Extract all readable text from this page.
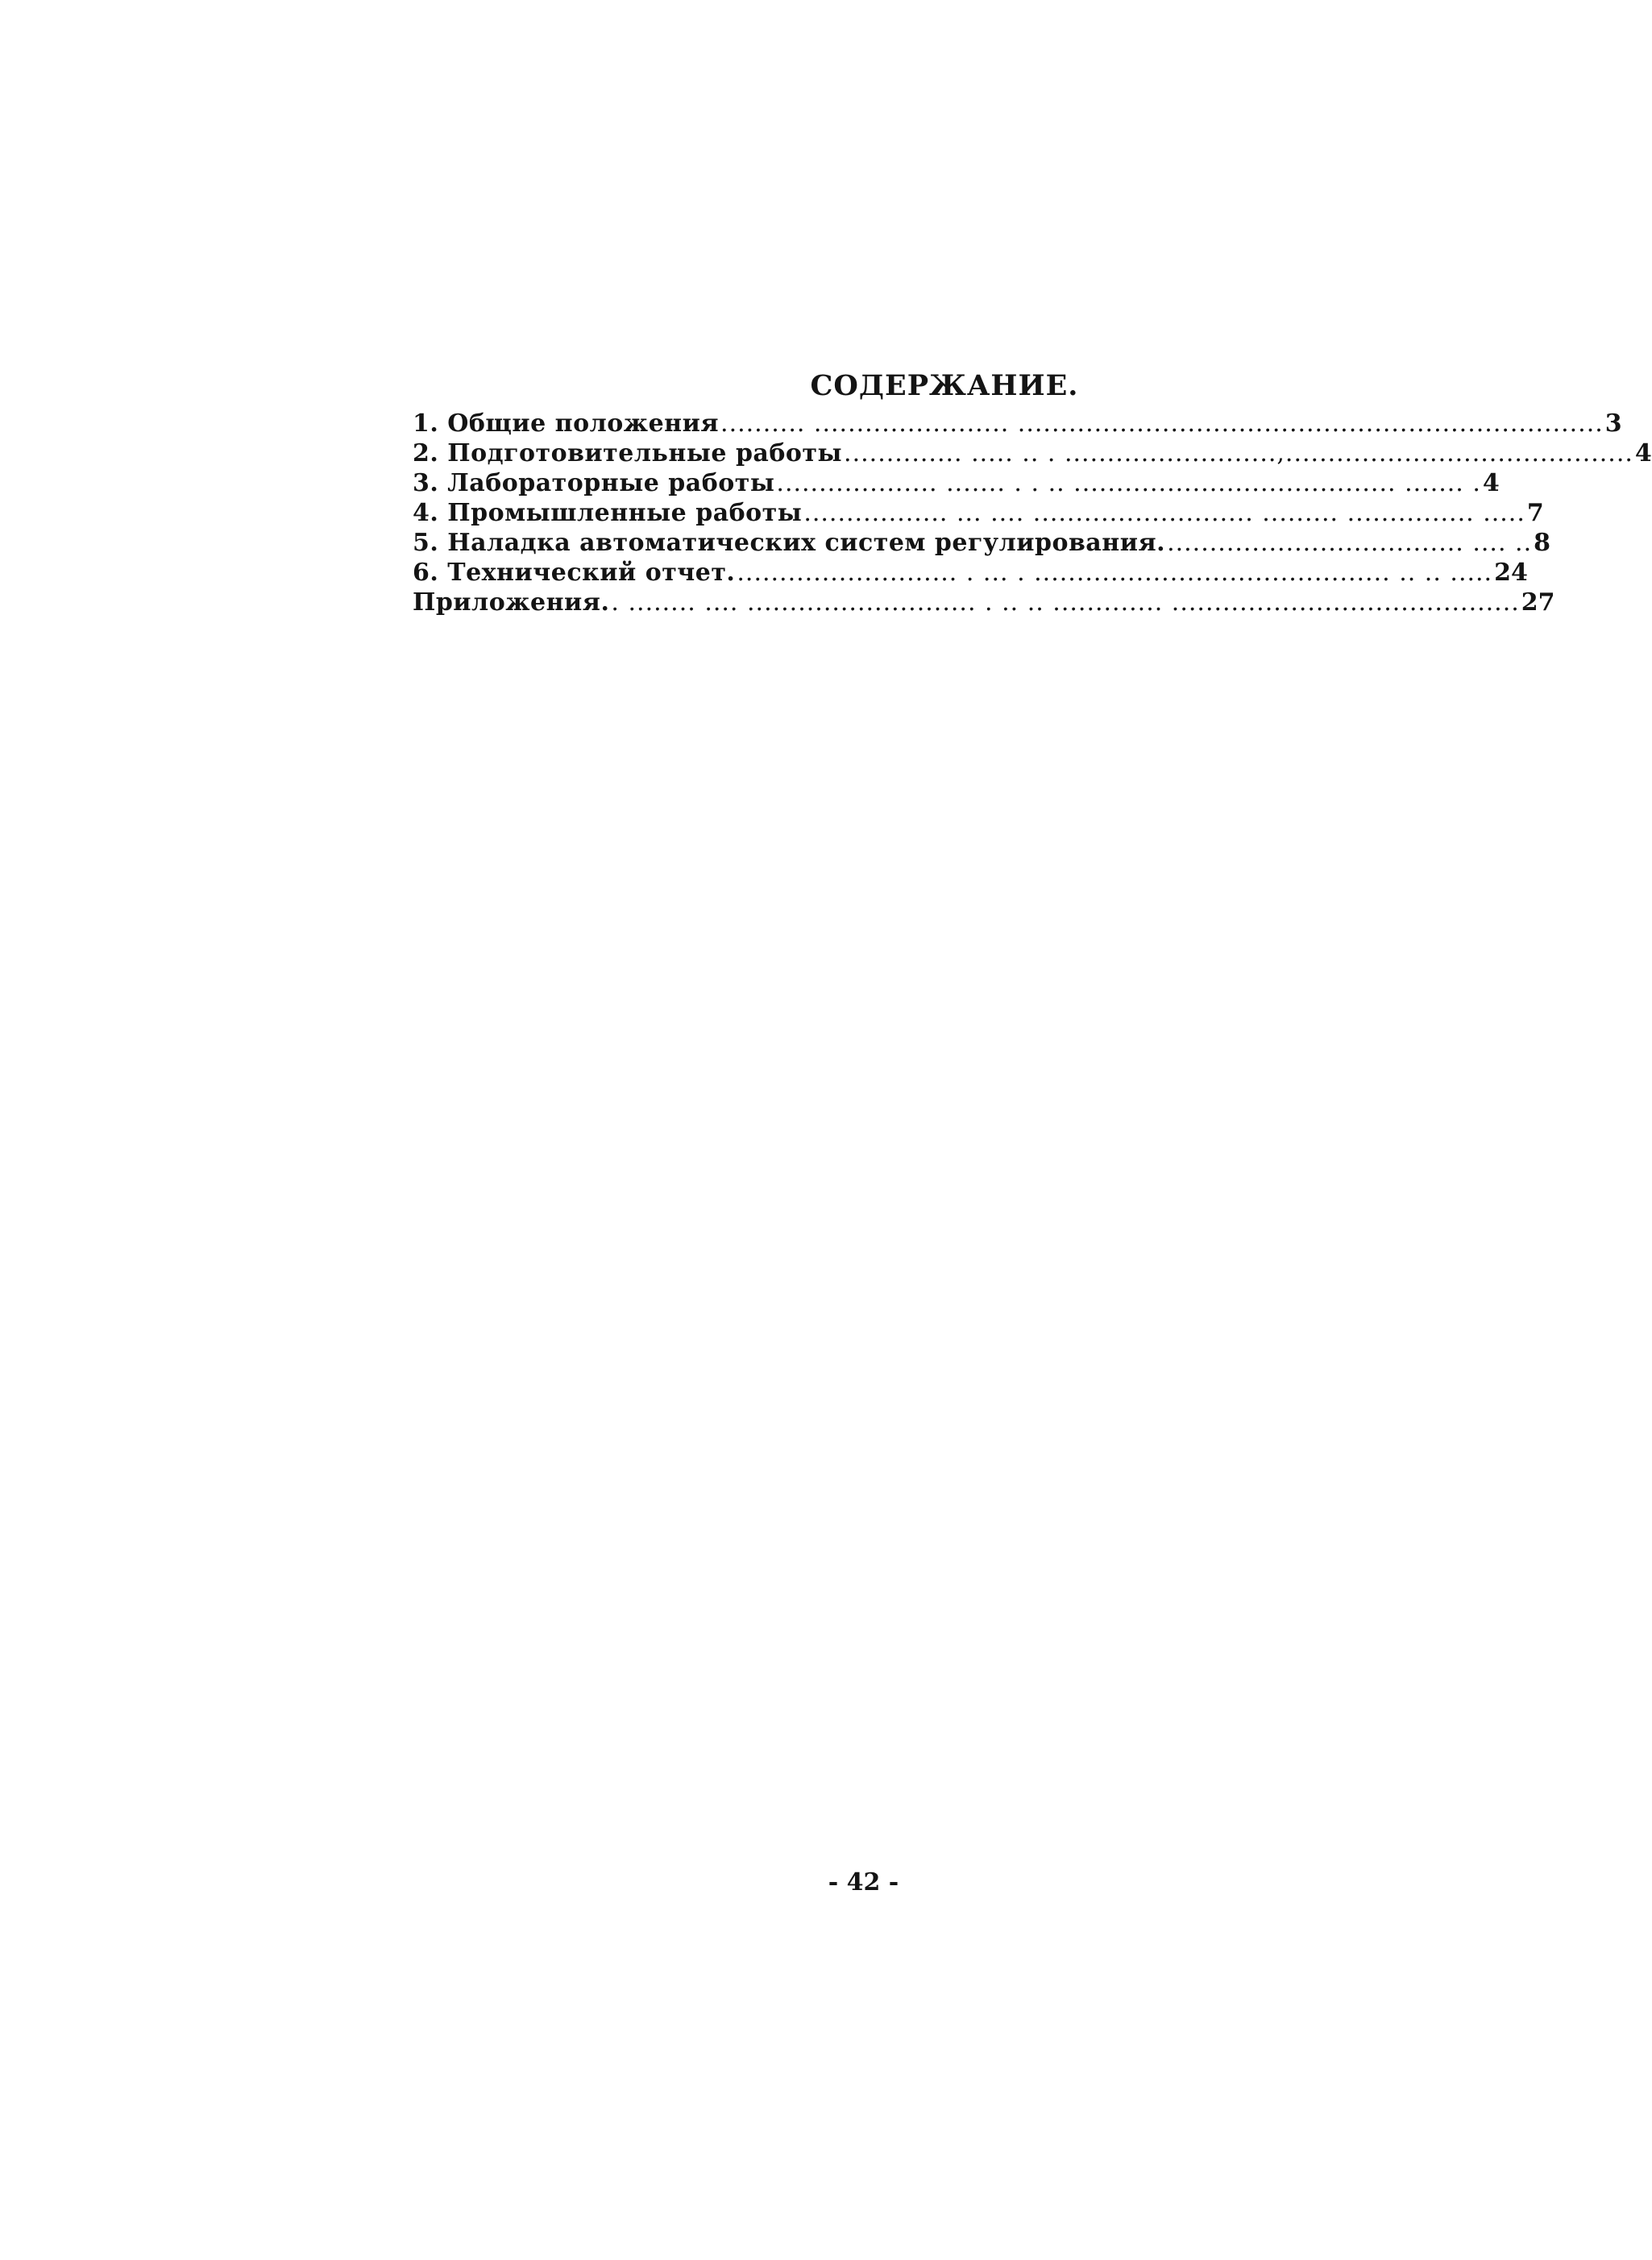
СОДЕРЖАНИЕ.
1. Общие положения .......... ....................... ..................................................................... 3
2. Подготовительные работы .............. ..... .. . .........................,......................................... 4
3. Лабораторные работы ................... ....... . . .. ...................................... ....... . 4
4. Промышленные работы ................. ... .... .......................... ......... ............... ..... 7
5. Наладка автоматических систем регулирования. ................................... .... .. 8
6. Технический отчет. .......................... . ... . .......................................... .. .. ..... 24
Приложения. . ........ .... ........................... . .. .. ............. ......................................... 27
- 42 -
